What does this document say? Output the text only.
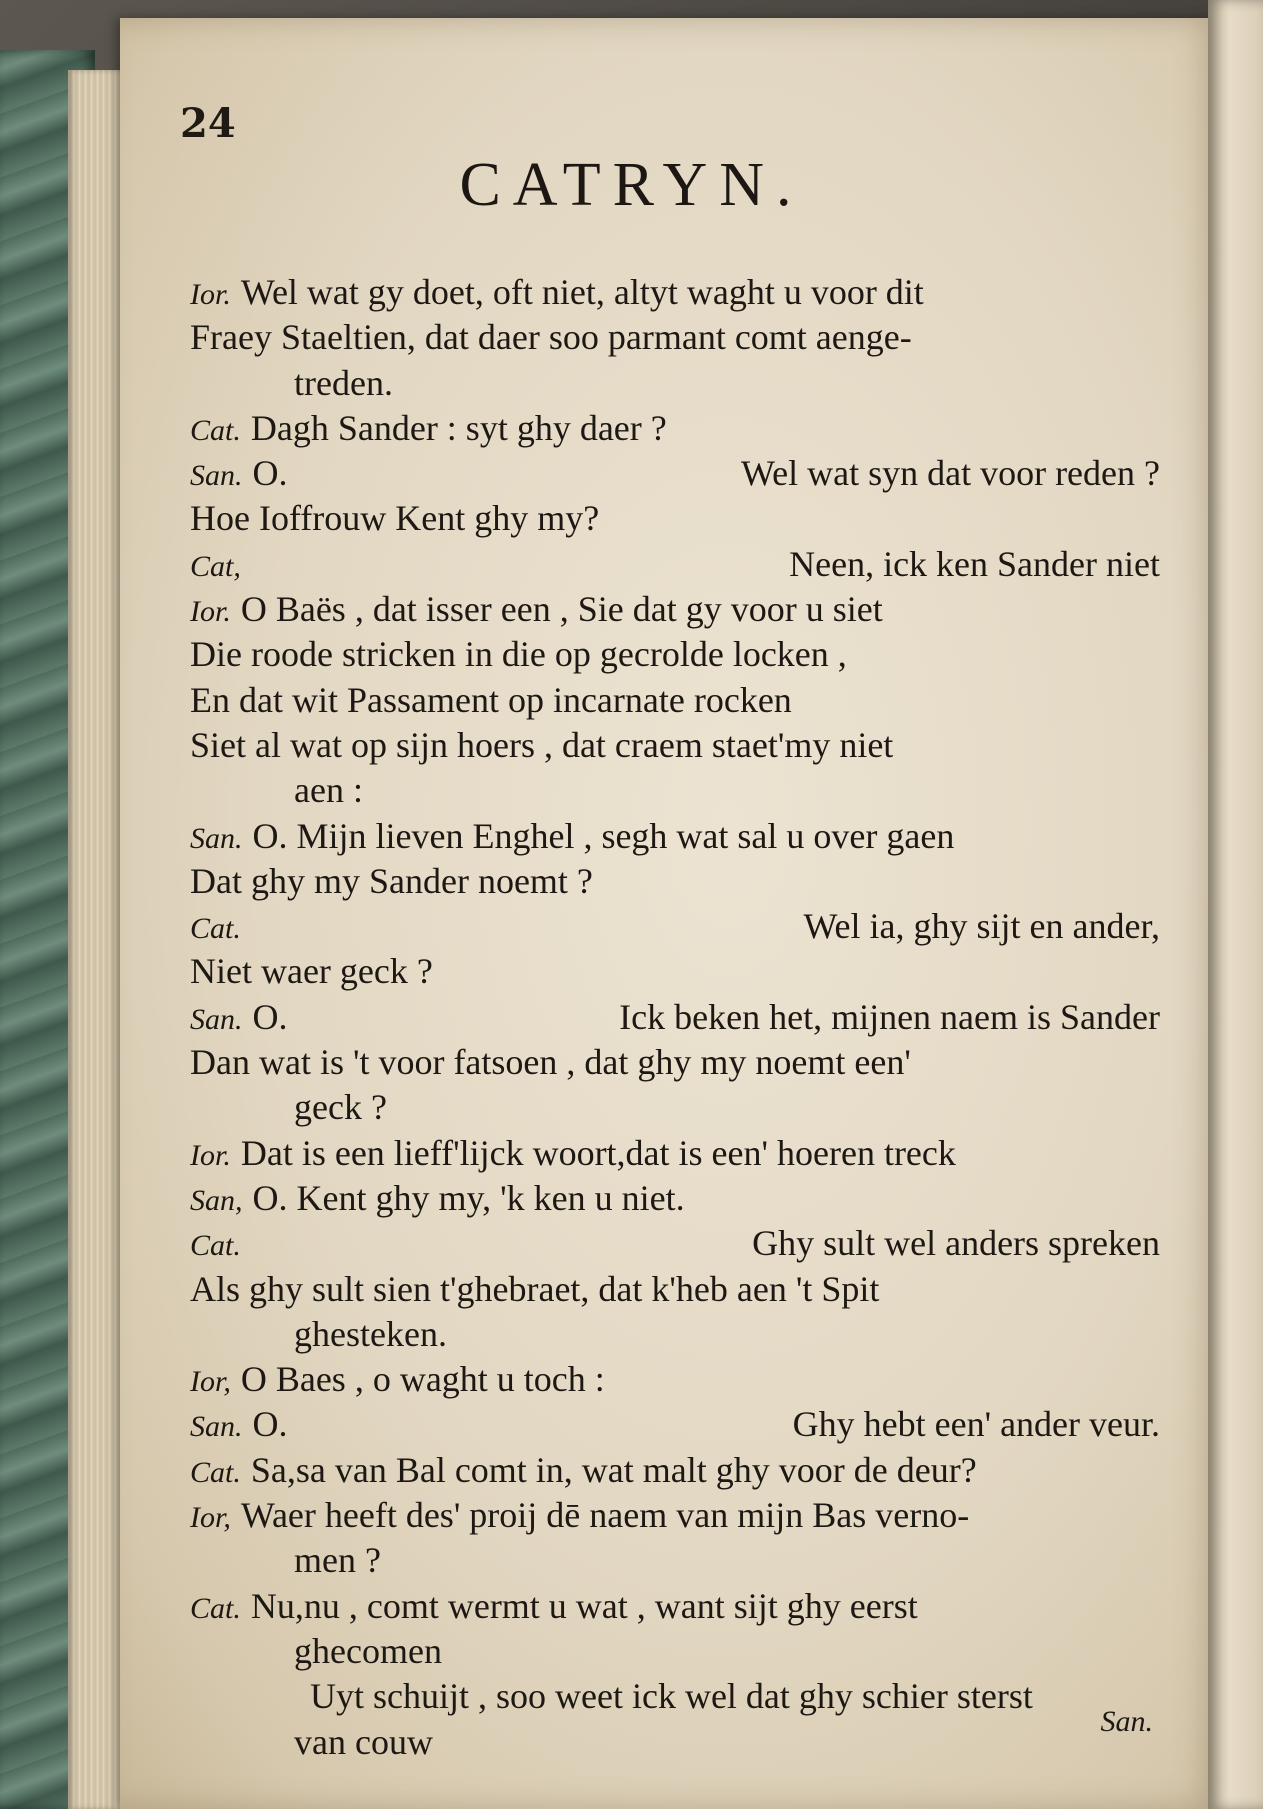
24
CATRYN.
Ior. Wel wat gy doet, oft niet, altyt waght u voor dit
Fraey Staeltien, dat daer soo parmant comt aenge-
treden.
Cat. Dagh Sander : syt ghy daer ?
San. O.	Wel wat syn dat voor reden ?
Hoe Ioffrouw Kent ghy my?
Cat,	Neen, ick ken Sander niet
Ior. O Baës , dat isser een , Sie dat gy voor u siet
Die roode stricken in die op gecrolde locken ,
En dat wit Passament op incarnate rocken
Siet al wat op sijn hoers , dat craem staet'my niet
aen :
San. O. Mijn lieven Enghel , segh wat sal u over gaen
Dat ghy my Sander noemt ?
Cat.	Wel ia, ghy sijt en ander,
Niet waer geck ?
San. O.	Ick beken het, mijnen naem is Sander
Dan wat is 't voor fatsoen , dat ghy my noemt een'
geck ?
Ior. Dat is een lieff'lijck woort,dat is een' hoeren treck
San, O. Kent ghy my, 'k ken u niet.
Cat.	Ghy sult wel anders spreken
Als ghy sult sien t'ghebraet, dat k'heb aen 't Spit
ghesteken.
Ior, O Baes , o waght u toch :
San. O.	Ghy hebt een' ander veur.
Cat. Sa,sa van Bal comt in, wat malt ghy voor de deur?
Ior, Waer heeft des' proij dē naem van mijn Bas verno-
men ?
Cat. Nu,nu , comt wermt u wat , want sijt ghy eerst
ghecomen
Uyt schuijt , soo weet ick wel dat ghy schier sterst
van couw	San.
